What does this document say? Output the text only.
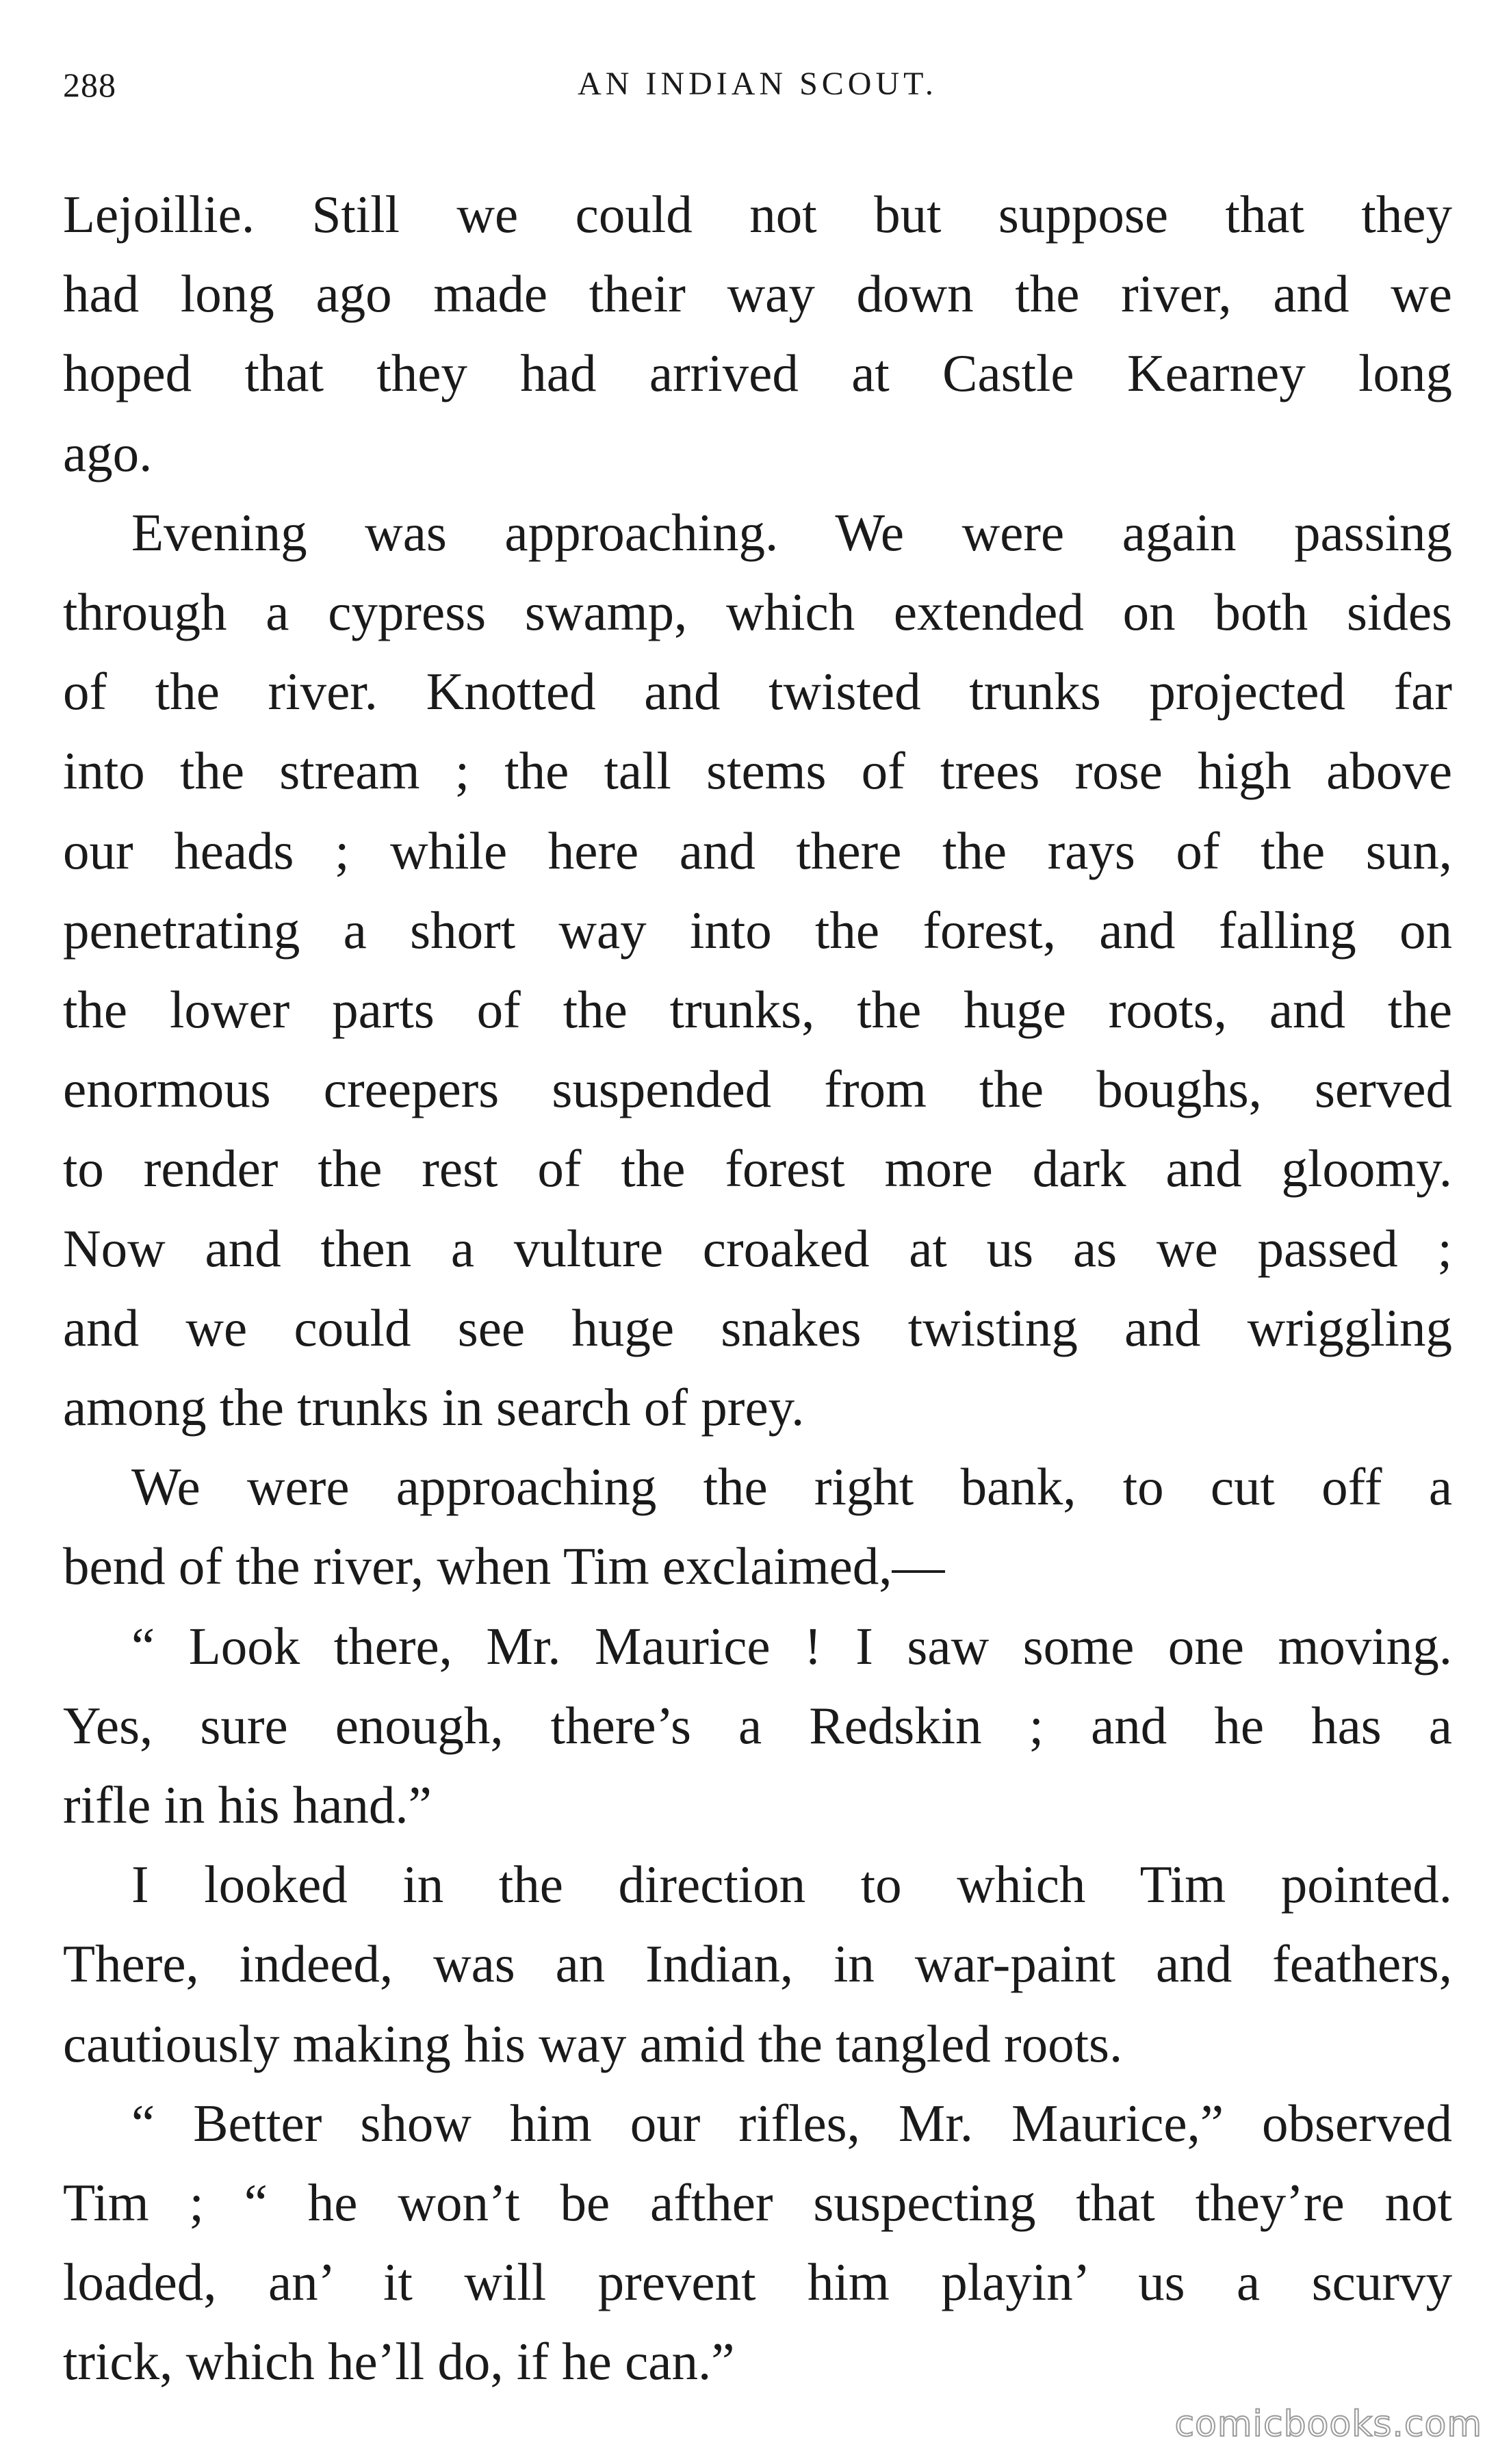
288	AN INDIAN SCOUT.
Lejoillie. Still we could not but suppose that they
had long ago made their way down the river, and we
hoped that they had arrived at Castle Kearney long
ago.
Evening was approaching. We were again passing
through a cypress swamp, which extended on both sides
of the river. Knotted and twisted trunks projected far
into the stream ; the tall stems of trees rose high above
our heads ; while here and there the rays of the sun,
penetrating a short way into the forest, and falling on
the lower parts of the trunks, the huge roots, and the
enormous creepers suspended from the boughs, served
to render the rest of the forest more dark and gloomy.
Now and then a vulture croaked at us as we passed ;
and we could see huge snakes twisting and wriggling
among the trunks in search of prey.
We were approaching the right bank, to cut off a
bend of the river, when Tim exclaimed,—
“ Look there, Mr. Maurice ! I saw some one moving.
Yes, sure enough, there’s a Redskin ; and he has a
rifle in his hand.”
I looked in the direction to which Tim pointed.
There, indeed, was an Indian, in war-paint and feathers,
cautiously making his way amid the tangled roots.
“ Better show him our rifles, Mr. Maurice,” observed
Tim ; “ he won’t be afther suspecting that they’re not
loaded, an’ it will prevent him playin’ us a scurvy
trick, which he’ll do, if he can.”
comicbooks.com
